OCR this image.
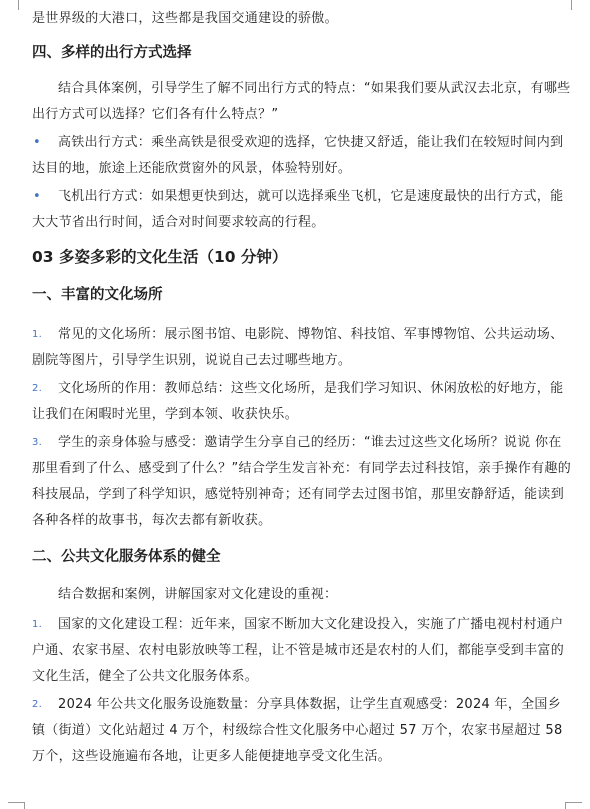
是世界级的大港口，这些都是我国交通建设的骄傲。

四、多样的出行方式选择

结合具体案例，引导学生了解不同出行方式的特点：“如果我们要从武汉去北京，有哪些出行方式可以选择？它们各有什么特点？”

• 高铁出行方式：乘坐高铁是很受欢迎的选择，它快捷又舒适，能让我们在较短时间内到达目的地，旅途上还能欣赏窗外的风景，体验特别好。

• 飞机出行方式：如果想更快到达，就可以选择乘坐飞机，它是速度最快的出行方式，能大大节省出行时间，适合对时间要求较高的行程。

03 多姿多彩的文化生活（10 分钟）
一、丰富的文化场所

1. 常见的文化场所：展示图书馆、电影院、博物馆、科技馆、军事博物馆、公共运动场、剧院等图片，引导学生识别，说说自己去过哪些地方。

2. 文化场所的作用：教师总结：这些文化场所，是我们学习知识、休闲放松的好地方，能让我们在闲暇时光里，学到本领、收获快乐。

3. 学生的亲身体验与感受：邀请学生分享自己的经历：“谁去过这些文化场所？说说 你在那里看到了什么、感受到了什么？”结合学生发言补充：有同学去过科技馆，亲手操作有趣的科技展品，学到了科学知识，感觉特别神奇；还有同学去过图书馆，那里安静舒适，能读到各种各样的故事书，每次去都有新收获。

二、公共文化服务体系的健全

结合数据和案例，讲解国家对文化建设的重视：

1. 国家的文化建设工程：近年来，国家不断加大文化建设投入，实施了广播电视村村通户户通、农家书屋、农村电影放映等工程，让不管是城市还是农村的人们，都能享受到丰富的文化生活，健全了公共文化服务体系。

2. 2024 年公共文化服务设施数量：分享具体数据，让学生直观感受：2024 年，全国乡镇（街道）文化站超过 4 万个，村级综合性文化服务中心超过 57 万个，农家书屋超过 58 万个，这些设施遍布各地，让更多人能便捷地享受文化生活。
